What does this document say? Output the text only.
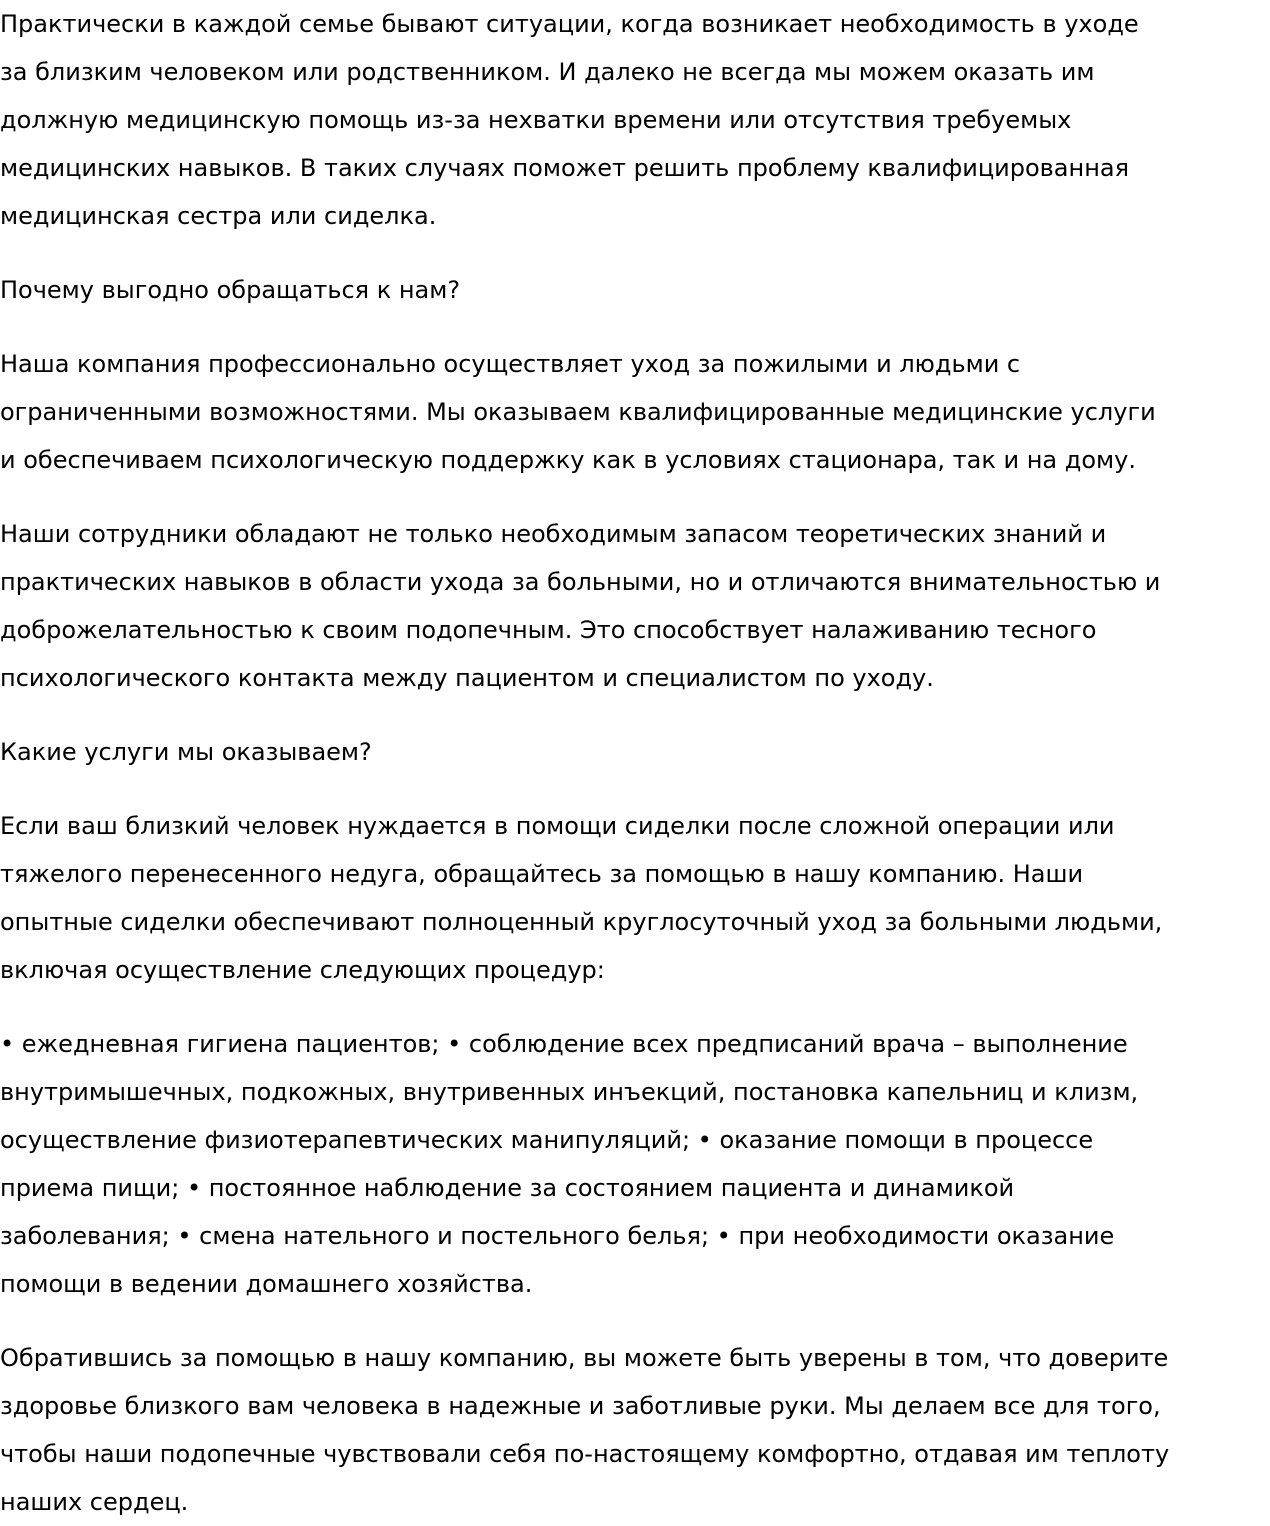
Практически в каждой семье бывают ситуации, когда возникает необходимость в уходе
за близким человеком или родственником. И далеко не всегда мы можем оказать им
должную медицинскую помощь из-за нехватки времени или отсутствия требуемых
медицинских навыков. В таких случаях поможет решить проблему квалифицированная
медицинская сестра или сиделка.

Почему выгодно обращаться к нам?

Наша компания профессионально осуществляет уход за пожилыми и людьми с
ограниченными возможностями. Мы оказываем квалифицированные медицинские услуги
и обеспечиваем психологическую поддержку как в условиях стационара, так и на дому.

Наши сотрудники обладают не только необходимым запасом теоретических знаний и
практических навыков в области ухода за больными, но и отличаются внимательностью и
доброжелательностью к своим подопечным. Это способствует налаживанию тесного
психологического контакта между пациентом и специалистом по уходу.

Какие услуги мы оказываем?

Если ваш близкий человек нуждается в помощи сиделки после сложной операции или
тяжелого перенесенного недуга, обращайтесь за помощью в нашу компанию. Наши
опытные сиделки обеспечивают полноценный круглосуточный уход за больными людьми,
включая осуществление следующих процедур:

• ежедневная гигиена пациентов; • соблюдение всех предписаний врача – выполнение
внутримышечных, подкожных, внутривенных инъекций, постановка капельниц и клизм,
осуществление физиотерапевтических манипуляций; • оказание помощи в процессе
приема пищи; • постоянное наблюдение за состоянием пациента и динамикой
заболевания; • смена нательного и постельного белья; • при необходимости оказание
помощи в ведении домашнего хозяйства.

Обратившись за помощью в нашу компанию, вы можете быть уверены в том, что доверите
здоровье близкого вам человека в надежные и заботливые руки. Мы делаем все для того,
чтобы наши подопечные чувствовали себя по-настоящему комфортно, отдавая им теплоту
наших сердец.
